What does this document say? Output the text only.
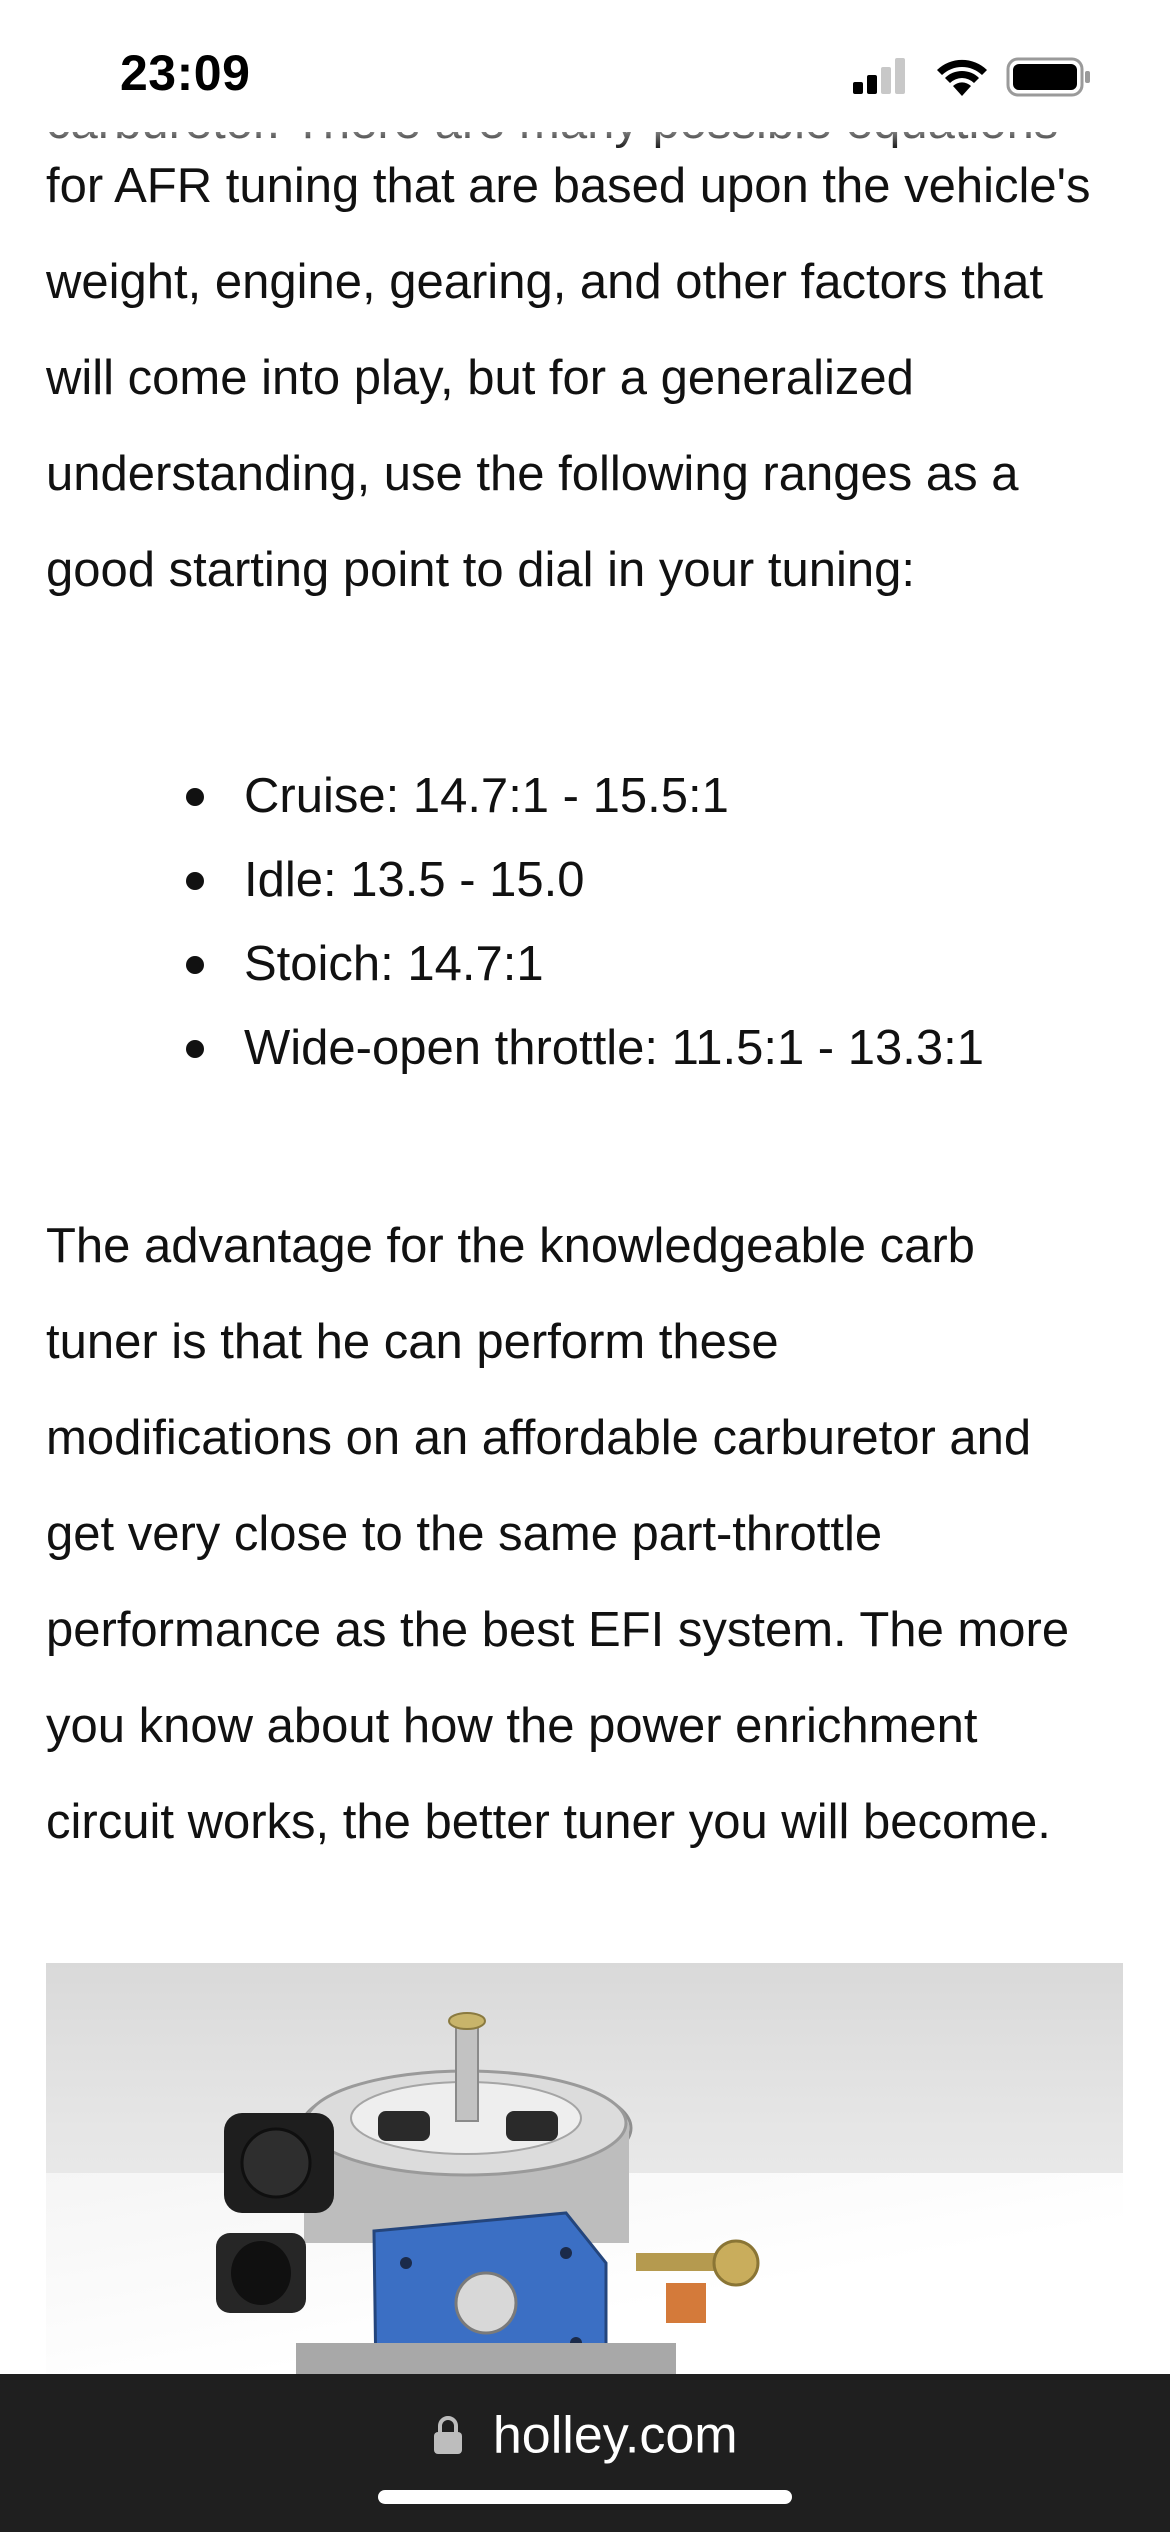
for AFR tuning that are based upon the vehicle's
weight, engine, gearing, and other factors that
will come into play, but for a generalized
understanding, use the following ranges as a
good starting point to dial in your tuning:
Cruise: 14.7:1 - 15.5:1
Idle: 13.5 - 15.0
Stoich: 14.7:1
Wide-open throttle: 11.5:1 - 13.3:1
The advantage for the knowledgeable carb
tuner is that he can perform these
modifications on an affordable carburetor and
get very close to the same part-throttle
performance as the best EFI system. The more
you know about how the power enrichment
circuit works, the better tuner you will become.
23:09
holley.com
